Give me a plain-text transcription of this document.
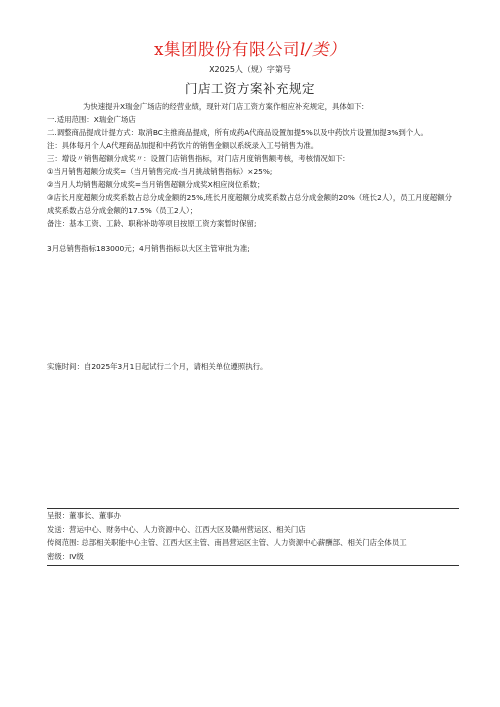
x集团股份有限公司l/类）
X2025人（规）字第号
门店工资方案补充规定

为快速提升X瑞金广场店的经营业绩，现针对门店工资方案作相应补充规定，具体如下:

一.适用范围：X瑞金广场店

二.调整商品提成计提方式：取消BC主推商品提成，所有成药A代商品设置加提5%以及中药饮片设置加提3%到个人。

注：具体每月个人A代理商品加提和中药饮片的销售金额以系统录入工号销售为准。

三：增设〃销售超额分成奖〃：设置门店销售指标，对门店月度销售额考核，考核情况如下:

①当月销售超额分成奖=（当月销售完成-当月挑战销售指标）×25%;

②当月人均销售超额分成奖=当月销售超额分成奖X相应岗位系数；

③店长月度超额分成奖系数占总分成金额的25%,班长月度超额分成奖系数占总分成金额的20%（班长2人），员工月度超额分成奖系数占总分成金额的17.5%（员工2人）；

备注：基本工资、工龄、职称补助等项目按原工资方案暂时保留;

3月总销售指标183000元；4月销售指标以大区主管审批为准;

实施时间：自2025年3月1日起试行二个月，请相关单位遵照执行。

呈报：董事长、董事办

发送：营运中心、财务中心、人力资源中心、江西大区及赣州营运区、相关门店

传阅范围: 总部相关职能中心主管、江西大区主管、南昌营运区主管、人力资源中心薪酬部、相关门店全体员工

密级：IV级
